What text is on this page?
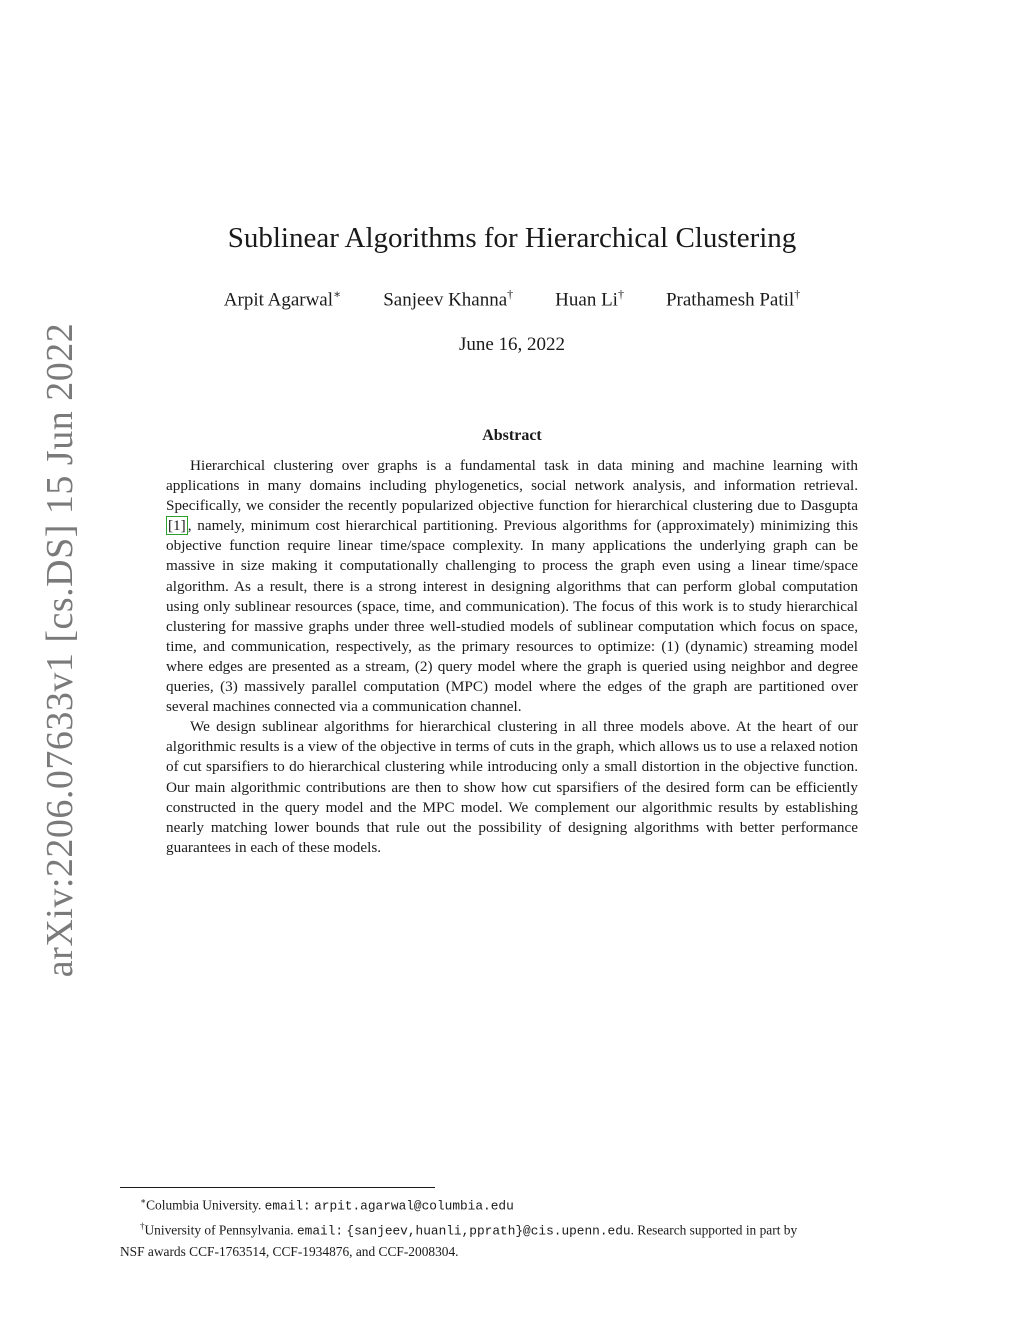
arXiv:2206.07633v1 [cs.DS] 15 Jun 2022
Sublinear Algorithms for Hierarchical Clustering
Arpit Agarwal∗ Sanjeev Khanna† Huan Li† Prathamesh Patil†
June 16, 2022
Abstract

Hierarchical clustering over graphs is a fundamental task in data mining and machine learning with applications in many domains including phylogenetics, social network analysis, and information retrieval. Specifically, we consider the recently popularized objective function for hierarchical clustering due to Dasgupta [1] , namely, minimum cost hierarchical partitioning. Previous algorithms for (approximately) minimizing this objective function require linear time/space complexity. In many applications the underlying graph can be massive in size making it computationally challenging to process the graph even using a linear time/space algorithm. As a result, there is a strong interest in designing algorithms that can perform global computation using only sublinear resources (space, time, and communication). The focus of this work is to study hierarchical clustering for massive graphs under three well-studied models of sublinear computation which focus on space, time, and communication, respectively, as the primary resources to optimize: (1) (dynamic) streaming model where edges are presented as a stream, (2) query model where the graph is queried using neighbor and degree queries, (3) massively parallel computation (MPC) model where the edges of the graph are partitioned over several machines connected via a communication channel.

We design sublinear algorithms for hierarchical clustering in all three models above. At the heart of our algorithmic results is a view of the objective in terms of cuts in the graph, which allows us to use a relaxed notion of cut sparsifiers to do hierarchical clustering while introducing only a small distortion in the objective function. Our main algorithmic contributions are then to show how cut sparsifiers of the desired form can be efficiently constructed in the query model and the MPC model. We complement our algorithmic results by establishing nearly matching lower bounds that rule out the possibility of designing algorithms with better performance guarantees in each of these models.

∗Columbia University. email: arpit.agarwal@columbia.edu

†University of Pennsylvania. email: {sanjeev,huanli,pprath}@cis.upenn.edu. Research supported in part by

NSF awards CCF-1763514, CCF-1934876, and CCF-2008304.
